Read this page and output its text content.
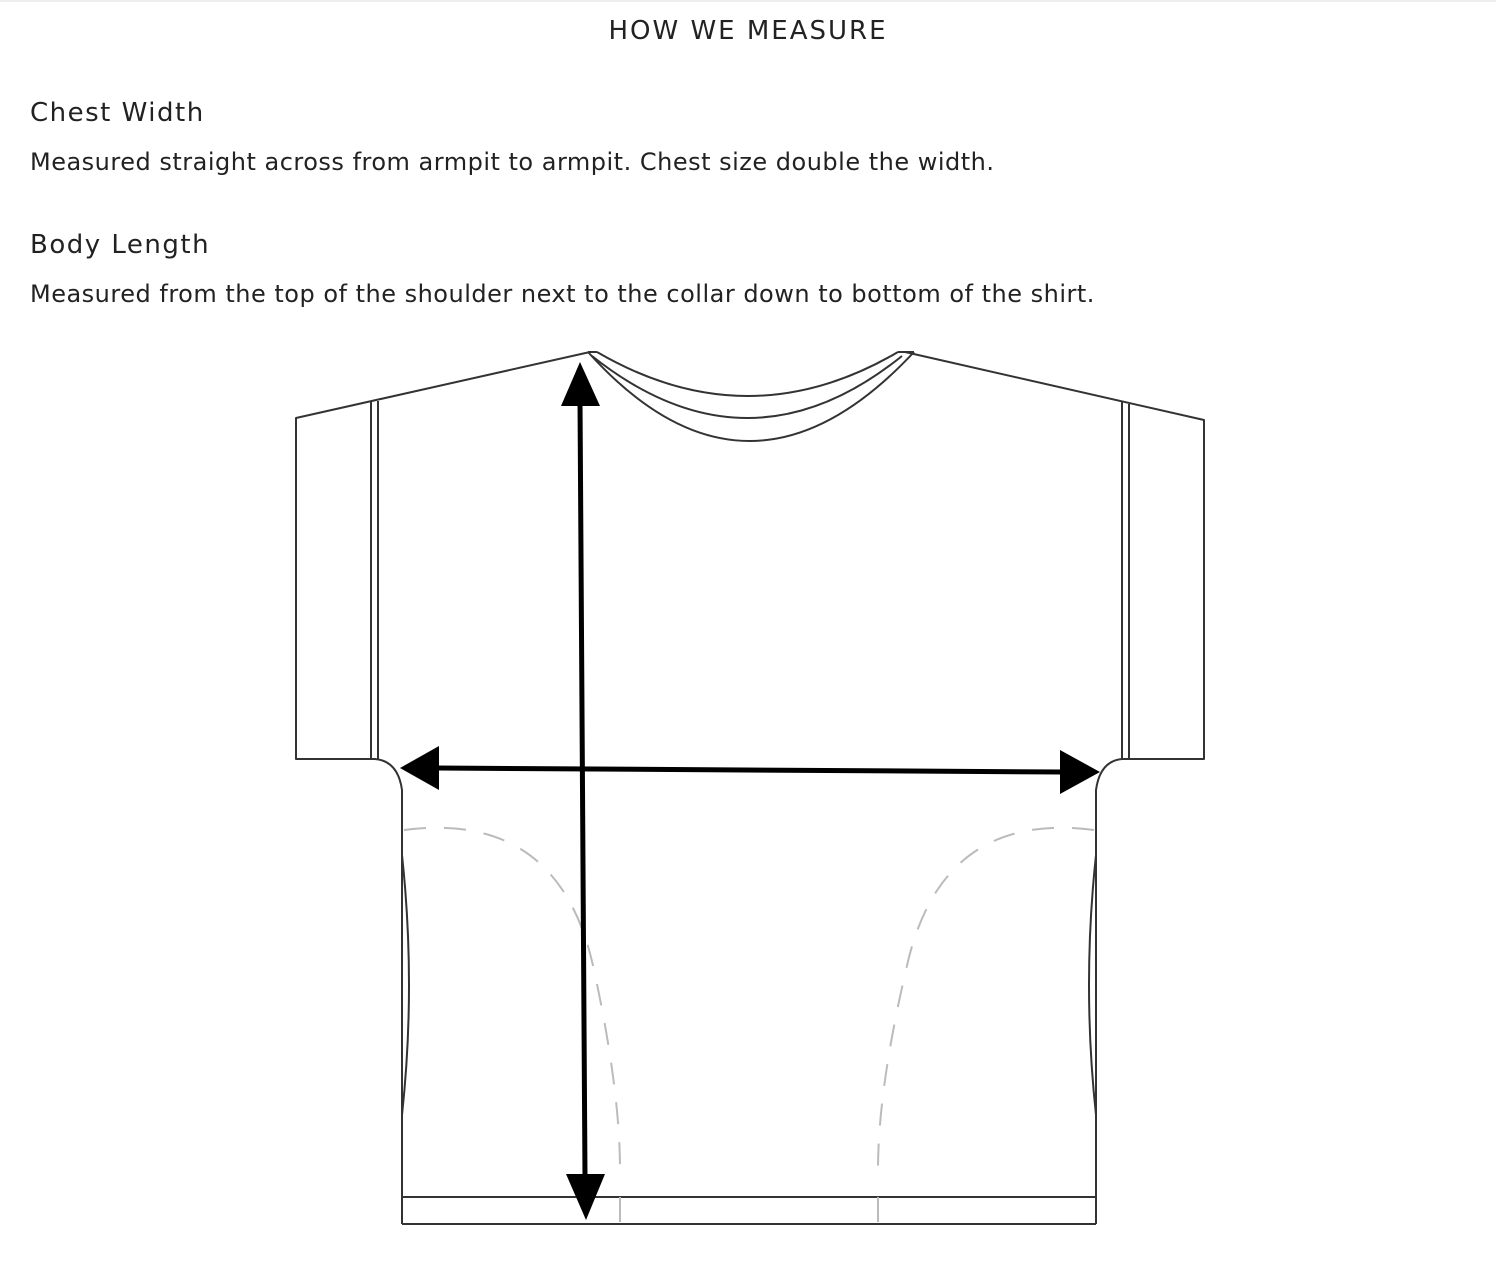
HOW WE MEASURE
Chest Width

Measured straight across from armpit to armpit. Chest size double the width.

Body Length

Measured from the top of the shoulder next to the collar down to bottom of the shirt.
